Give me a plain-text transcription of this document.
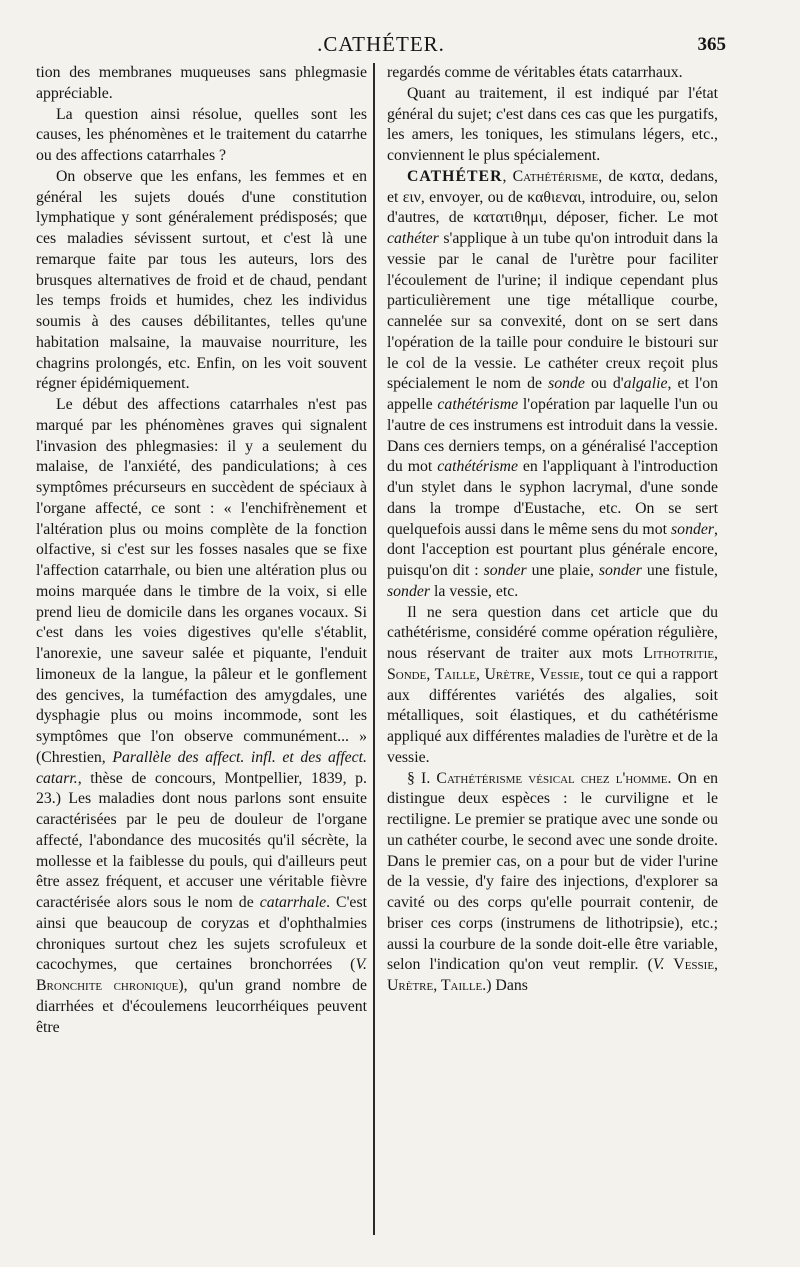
.CATHÉTER.	365

tion des membranes muqueuses sans phlegmasie appréciable.

La question ainsi résolue, quelles sont les causes, les phénomènes et le traitement du catarrhe ou des affections catarrhales ?

On observe que les enfans, les femmes et en général les sujets doués d'une constitution lymphatique y sont généralement prédisposés; que ces maladies sévissent surtout, et c'est là une remarque faite par tous les auteurs, lors des brusques alternatives de froid et de chaud, pendant les temps froids et humides, chez les individus soumis à des causes débilitantes, telles qu'une habitation malsaine, la mauvaise nourriture, les chagrins prolongés, etc. Enfin, on les voit souvent régner épidémiquement.

Le début des affections catarrhales n'est pas marqué par les phénomènes graves qui signalent l'invasion des phlegmasies: il y a seulement du malaise, de l'anxiété, des pandiculations; à ces symptômes précurseurs en succèdent de spéciaux à l'organe affecté, ce sont : « l'enchifrènement et l'altération plus ou moins complète de la fonction olfactive, si c'est sur les fosses nasales que se fixe l'affection catarrhale, ou bien une altération plus ou moins marquée dans le timbre de la voix, si elle prend lieu de domicile dans les organes vocaux. Si c'est dans les voies digestives qu'elle s'établit, l'anorexie, une saveur salée et piquante, l'enduit limoneux de la langue, la pâleur et le gonflement des gencives, la tuméfaction des amygdales, une dysphagie plus ou moins incommode, sont les symptômes que l'on observe communément... » (Chrestien, Parallèle des affect. infl. et des affect. catarr., thèse de concours, Montpellier, 1839, p. 23.) Les maladies dont nous parlons sont ensuite caractérisées par le peu de douleur de l'organe affecté, l'abondance des mucosités qu'il sécrète, la mollesse et la faiblesse du pouls, qui d'ailleurs peut être assez fréquent, et accuser une véritable fièvre caractérisée alors sous le nom de catarrhale. C'est ainsi que beaucoup de coryzas et d'ophthalmies chroniques surtout chez les sujets scrofuleux et cacochymes, que certaines bronchorrées (V. Bronchite chronique), qu'un grand nombre de diarrhées et d'écoulemens leucorrhéiques peuvent être

regardés comme de véritables états catarrhaux.

Quant au traitement, il est indiqué par l'état général du sujet; c'est dans ces cas que les purgatifs, les amers, les toniques, les stimulans légers, etc., conviennent le plus spécialement.

CATHÉTER, Cathétérisme, de κατα, dedans, et ειν, envoyer, ou de καθιεναι, introduire, ou, selon d'autres, de κατατιθημι, déposer, ficher. Le mot cathéter s'applique à un tube qu'on introduit dans la vessie par le canal de l'urètre pour faciliter l'écoulement de l'urine; il indique cependant plus particulièrement une tige métallique courbe, cannelée sur sa convexité, dont on se sert dans l'opération de la taille pour conduire le bistouri sur le col de la vessie. Le cathéter creux reçoit plus spécialement le nom de sonde ou d'algalie, et l'on appelle cathétérisme l'opération par laquelle l'un ou l'autre de ces instrumens est introduit dans la vessie. Dans ces derniers temps, on a généralisé l'acception du mot cathétérisme en l'appliquant à l'introduction d'un stylet dans le syphon lacrymal, d'une sonde dans la trompe d'Eustache, etc. On se sert quelquefois aussi dans le même sens du mot sonder, dont l'acception est pourtant plus générale encore, puisqu'on dit : sonder une plaie, sonder une fistule, sonder la vessie, etc.

Il ne sera question dans cet article que du cathétérisme, considéré comme opération régulière, nous réservant de traiter aux mots Lithotritie, Sonde, Taille, Urètre, Vessie, tout ce qui a rapport aux différentes variétés des algalies, soit métalliques, soit élastiques, et du cathétérisme appliqué aux différentes maladies de l'urètre et de la vessie.

§ I. Cathétérisme vésical chez l'homme. On en distingue deux espèces : le curviligne et le rectiligne. Le premier se pratique avec une sonde ou un cathéter courbe, le second avec une sonde droite. Dans le premier cas, on a pour but de vider l'urine de la vessie, d'y faire des injections, d'explorer sa cavité ou des corps qu'elle pourrait contenir, de briser ces corps (instrumens de lithotripsie), etc.; aussi la courbure de la sonde doit-elle être variable, selon l'indication qu'on veut remplir. (V. Vessie, Urètre, Taille.) Dans
